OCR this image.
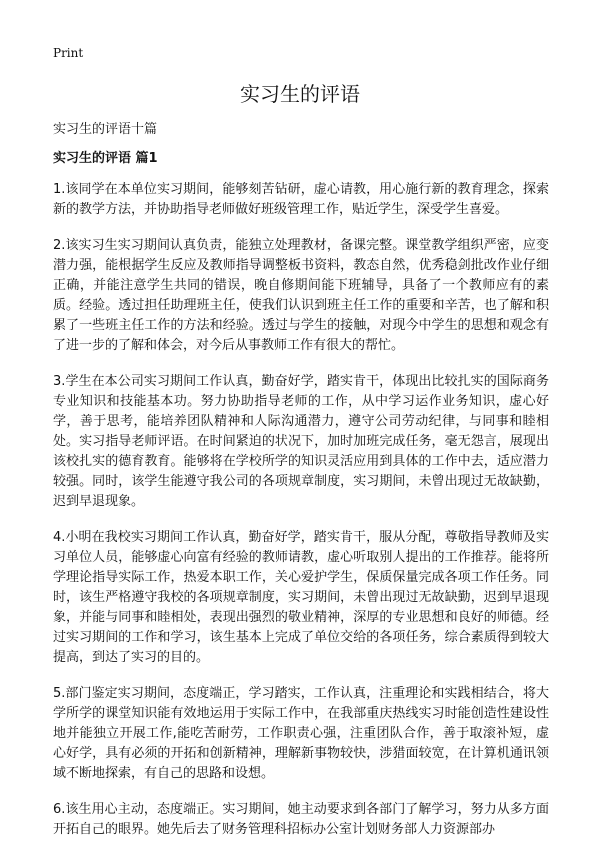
Print
实习生的评语
实习生的评语十篇
实习生的评语 篇1

1.该同学在本单位实习期间，能够刻苦钻研，虚心请教，用心施行新的教育理念，探索新的教学方法，并协助指导老师做好班级管理工作，贴近学生，深受学生喜爱。

2.该实习生实习期间认真负责，能独立处理教材，备课完整。课堂教学组织严密，应变潜力强，能根据学生反应及教师指导调整板书资料，教态自然，优秀稳剑批改作业仔细正确，并能注意学生共同的错误，晚自修期间能下班辅导，具备了一个教师应有的素质。经验。透过担任助理班主任，使我们认识到班主任工作的重要和辛苦，也了解和积累了一些班主任工作的方法和经验。透过与学生的接触，对现今中学生的思想和观念有了进一步的了解和体会，对今后从事教师工作有很大的帮忙。

3.学生在本公司实习期间工作认真，勤奋好学，踏实肯干，体现出比较扎实的国际商务专业知识和技能基本功。努力协助指导老师的工作，从中学习运作业务知识，虚心好学，善于思考，能培养团队精神和人际沟通潜力，遵守公司劳动纪律，与同事和睦相处。实习指导老师评语。在时间紧迫的状况下，加时加班完成任务，毫无怨言，展现出该校扎实的德育教育。能够将在学校所学的知识灵活应用到具体的工作中去，适应潜力较强。同时，该学生能遵守我公司的各项规章制度，实习期间，未曾出现过无故缺勤，迟到早退现象。

4.小明在我校实习期间工作认真，勤奋好学，踏实肯干，服从分配，尊敬指导教师及实习单位人员，能够虚心向富有经验的教师请教，虚心听取别人提出的工作推荐。能将所学理论指导实际工作，热爱本职工作，关心爱护学生，保质保量完成各项工作任务。同时，该生严格遵守我校的各项规章制度，实习期间，未曾出现过无故缺勤，迟到早退现象，并能与同事和睦相处，表现出强烈的敬业精神，深厚的专业思想和良好的师德。经过实习期间的工作和学习，该生基本上完成了单位交给的各项任务，综合素质得到较大提高，到达了实习的目的。

5.部门鉴定实习期间，态度端正，学习踏实，工作认真，注重理论和实践相结合，将大学所学的课堂知识能有效地运用于实际工作中，在我部重庆热线实习时能创造性建设性地并能独立开展工作,能吃苦耐劳，工作职责心强，注重团队合作，善于取滚补短，虚心好学，具有必须的开拓和创新精神，理解新事物较快，涉猎面较宽，在计算机通讯领域不断地探索，有自己的思路和设想。

6.该生用心主动，态度端正。实习期间，她主动要求到各部门了解学习，努力从多方面开拓自己的眼界。她先后去了财务管理科招标办公室计划财务部人力资源部办
